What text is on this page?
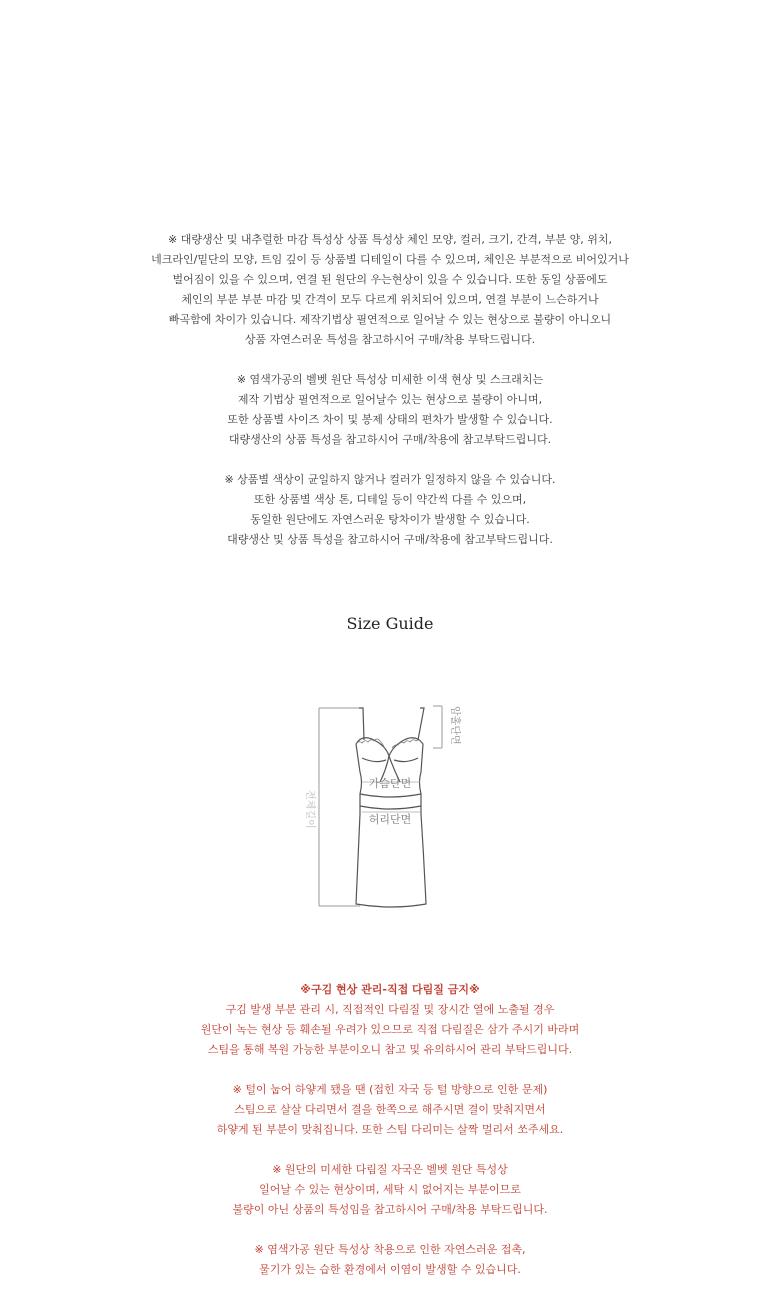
※ 대량생산 및 내추럴한 마감 특성상 상품 특성상 체인 모양, 컬러, 크기, 간격, 부분 양, 위치,
네크라인/밑단의 모양, 트임 깊이 등 상품별 디테일이 다를 수 있으며, 체인은 부분적으로 비어있거나
벌어짐이 있을 수 있으며, 연결 된 원단의 우는현상이 있을 수 있습니다. 또한 동일 상품에도
체인의 부분 부분 마감 및 간격이 모두 다르게 위치되어 있으며, 연결 부분이 느슨하거나
빠곡함에 차이가 있습니다. 제작기법상 필연적으로 일어날 수 있는 현상으로 불량이 아니오니
상품 자연스러운 특성을 참고하시어 구매/착용 부탁드립니다.
※ 염색가공의 벨벳 원단 특성상 미세한 이색 현상 및 스크래치는
제작 기법상 필연적으로 일어날수 있는 현상으로 불량이 아니며,
또한 상품별 사이즈 차이 및 봉제 상태의 편차가 발생할 수 있습니다.
대량생산의 상품 특성을 참고하시어 구매/착용에 참고부탁드립니다.
※ 상품별 색상이 균일하지 않거나 컬러가 일정하지 않을 수 있습니다.
또한 상품별 색상 톤, 디테일 등이 약간씩 다를 수 있으며,
동일한 원단에도 자연스러운 탕차이가 발생할 수 있습니다.
대량생산 및 상품 특성을 참고하시어 구매/착용에 참고부탁드립니다.
Size Guide
가슴단면
허리단면
암홀단면
전체길이
※구김 현상 관리-직접 다림질 금지※
구김 발생 부분 관리 시, 직접적인 다림질 및 장시간 열에 노출될 경우
원단이 녹는 현상 등 훼손될 우려가 있으므로 직접 다림질은 삼가 주시기 바라며
스팀을 통해 복원 가능한 부분이오니 참고 및 유의하시어 관리 부탁드립니다.
※ 털이 눕어 하얗게 됐을 땐 (접힌 자국 등 털 방향으로 인한 문제)
스팀으로 살살 다리면서 결을 한쪽으로 해주시면 결이 맞춰지면서
하얗게 된 부분이 맞춰집니다. 또한 스팀 다리미는 살짝 멀리서 쏘주세요.
※ 원단의 미세한 다림질 자국은 벨벳 원단 특성상
일어날 수 있는 현상이며, 세탁 시 없어지는 부분이므로
불량이 아닌 상품의 특성임을 참고하시어 구매/착용 부탁드립니다.
※ 염색가공 원단 특성상 착용으로 인한 자연스러운 접촉,
물기가 있는 습한 환경에서 이염이 발생할 수 있습니다.
